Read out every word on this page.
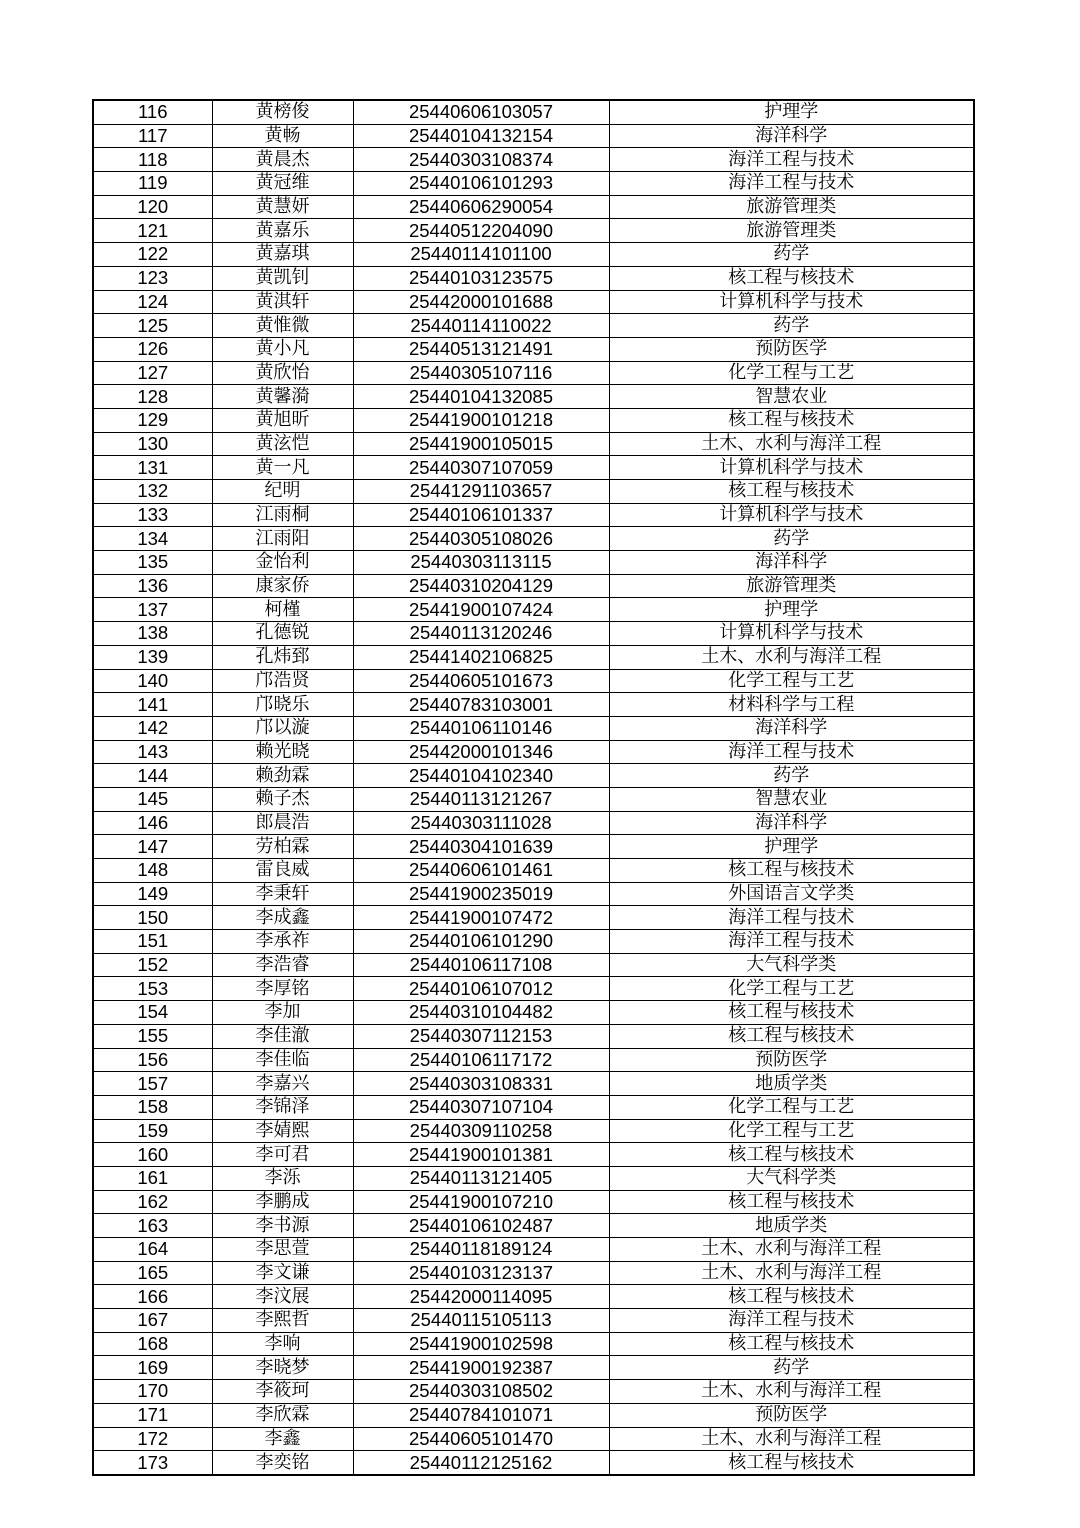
116	黄榜俊	25440606103057	护理学
117	黄畅	25440104132154	海洋科学
118	黄晨杰	25440303108374	海洋工程与技术
119	黄冠维	25440106101293	海洋工程与技术
120	黄慧妍	25440606290054	旅游管理类
121	黄嘉乐	25440512204090	旅游管理类
122	黄嘉琪	25440114101100	药学
123	黄凯钊	25440103123575	核工程与核技术
124	黄淇轩	25442000101688	计算机科学与技术
125	黄惟微	25440114110022	药学
126	黄小凡	25440513121491	预防医学
127	黄欣怡	25440305107116	化学工程与工艺
128	黄馨漪	25440104132085	智慧农业
129	黄旭昕	25441900101218	核工程与核技术
130	黄泫恺	25441900105015	土木、水利与海洋工程
131	黄一凡	25440307107059	计算机科学与技术
132	纪明	25441291103657	核工程与核技术
133	江雨桐	25440106101337	计算机科学与技术
134	江雨阳	25440305108026	药学
135	金怡利	25440303113115	海洋科学
136	康家侨	25440310204129	旅游管理类
137	柯槿	25441900107424	护理学
138	孔德锐	25440113120246	计算机科学与技术
139	孔炜郅	25441402106825	土木、水利与海洋工程
140	邝浩贤	25440605101673	化学工程与工艺
141	邝晓乐	25440783103001	材料科学与工程
142	邝以漩	25440106110146	海洋科学
143	赖光晓	25442000101346	海洋工程与技术
144	赖劲霖	25440104102340	药学
145	赖子杰	25440113121267	智慧农业
146	郎晨浩	25440303111028	海洋科学
147	劳柏霖	25440304101639	护理学
148	雷良威	25440606101461	核工程与核技术
149	李秉轩	25441900235019	外国语言文学类
150	李成鑫	25441900107472	海洋工程与技术
151	李承祚	25440106101290	海洋工程与技术
152	李浩睿	25440106117108	大气科学类
153	李厚铭	25440106107012	化学工程与工艺
154	李加	25440310104482	核工程与核技术
155	李佳澈	25440307112153	核工程与核技术
156	李佳临	25440106117172	预防医学
157	李嘉兴	25440303108331	地质学类
158	李锦泽	25440307107104	化学工程与工艺
159	李婧熙	25440309110258	化学工程与工艺
160	李可君	25441900101381	核工程与核技术
161	李泺	25440113121405	大气科学类
162	李鹏成	25441900107210	核工程与核技术
163	李书源	25440106102487	地质学类
164	李思萱	25440118189124	土木、水利与海洋工程
165	李文谦	25440103123137	土木、水利与海洋工程
166	李汶展	25442000114095	核工程与核技术
167	李熙哲	25440115105113	海洋工程与技术
168	李响	25441900102598	核工程与核技术
169	李晓梦	25441900192387	药学
170	李筱珂	25440303108502	土木、水利与海洋工程
171	李欣霖	25440784101071	预防医学
172	李鑫	25440605101470	土木、水利与海洋工程
173	李奕铭	25440112125162	核工程与核技术
